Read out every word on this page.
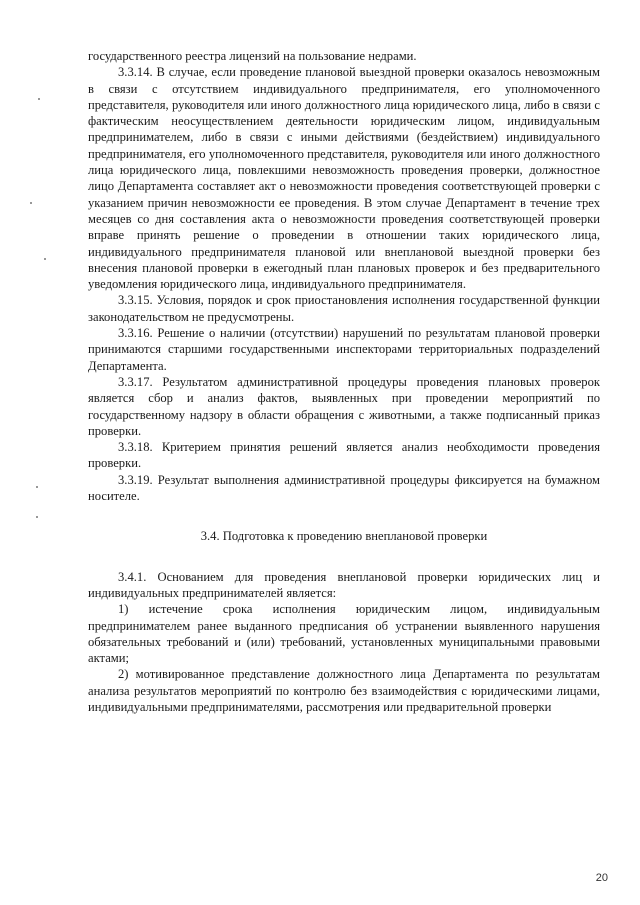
государственного реестра лицензий на пользование недрами.

3.3.14. В случае, если проведение плановой выездной проверки оказалось невозможным в связи с отсутствием индивидуального предпринимателя, его уполномоченного представителя, руководителя или иного должностного лица юридического лица, либо в связи с фактическим неосуществлением деятельности юридическим лицом, индивидуальным предпринимателем, либо в связи с иными действиями (бездействием) индивидуального предпринимателя, его уполномоченного представителя, руководителя или иного должностного лица юридического лица, повлекшими невозможность проведения проверки, должностное лицо Департамента составляет акт о невозможности проведения соответствующей проверки с указанием причин невозможности ее проведения. В этом случае Департамент в течение трех месяцев со дня составления акта о невозможности проведения соответствующей проверки вправе принять решение о проведении в отношении таких юридического лица, индивидуального предпринимателя плановой или внеплановой выездной проверки без внесения плановой проверки в ежегодный план плановых проверок и без предварительного уведомления юридического лица, индивидуального предпринимателя.

3.3.15. Условия, порядок и срок приостановления исполнения государственной функции законодательством не предусмотрены.

3.3.16. Решение о наличии (отсутствии) нарушений по результатам плановой проверки принимаются старшими государственными инспекторами территориальных подразделений Департамента.

3.3.17. Результатом административной процедуры проведения плановых проверок является сбор и анализ фактов, выявленных при проведении мероприятий по государственному надзору в области обращения с животными, а также подписанный приказ проверки.

3.3.18. Критерием принятия решений является анализ необходимости проведения проверки.

3.3.19. Результат выполнения административной процедуры фиксируется на бумажном носителе.

3.4. Подготовка к проведению внеплановой проверки

3.4.1. Основанием для проведения внеплановой проверки юридических лиц и индивидуальных предпринимателей является:

1) истечение срока исполнения юридическим лицом, индивидуальным предпринимателем ранее выданного предписания об устранении выявленного нарушения обязательных требований и (или) требований, установленных муниципальными правовыми актами;

2) мотивированное представление должностного лица Департамента по результатам анализа результатов мероприятий по контролю без взаимодействия с юридическими лицами, индивидуальными предпринимателями, рассмотрения или предварительной проверки

20
